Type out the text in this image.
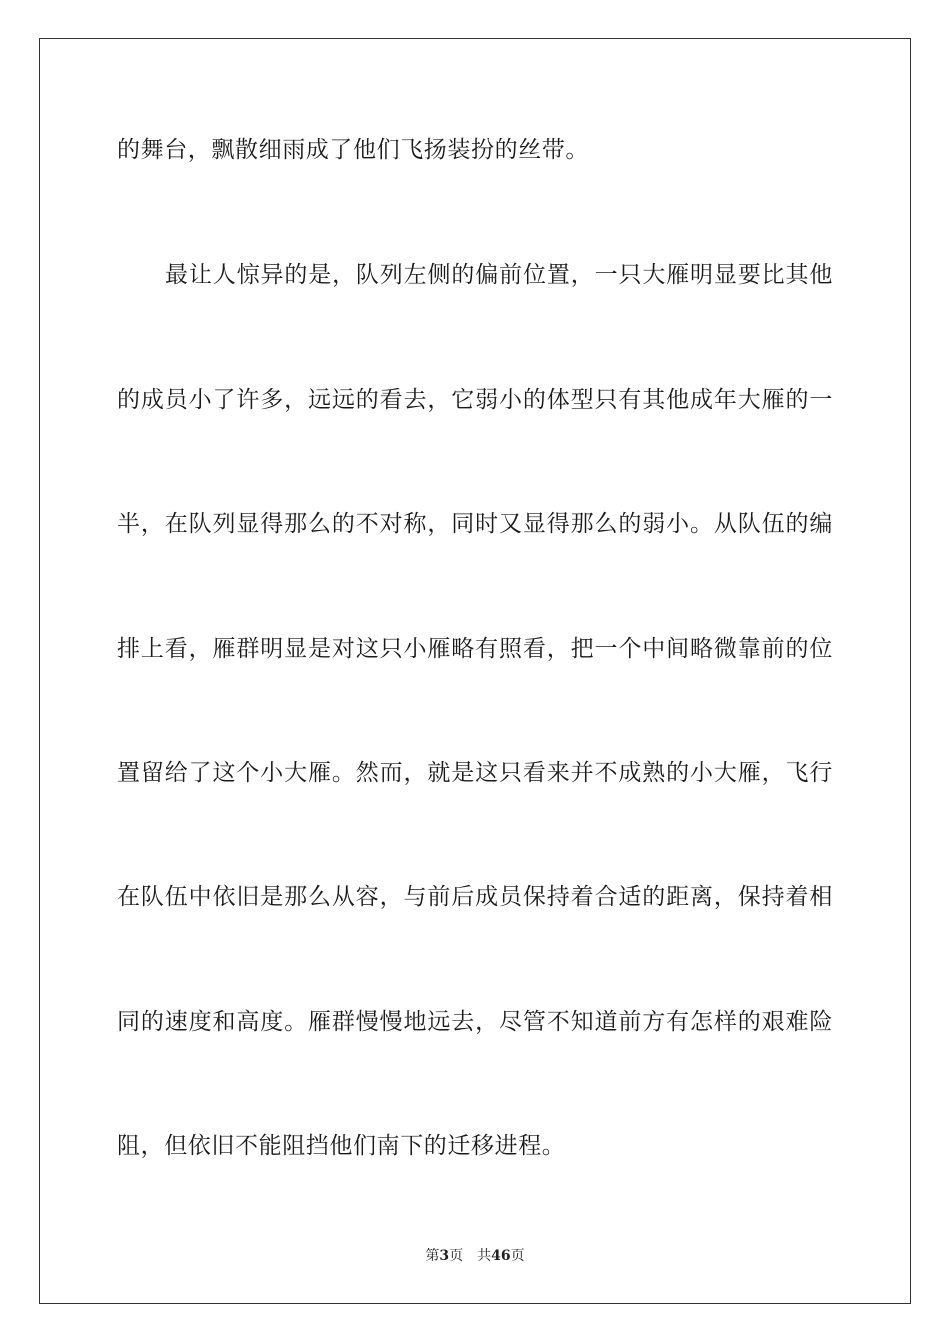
的舞台，飘散细雨成了他们飞扬装扮的丝带。
最让人惊异的是，队列左侧的偏前位置，一只大雁明显要比其他
的成员小了许多，远远的看去，它弱小的体型只有其他成年大雁的一
半，在队列显得那么的不对称，同时又显得那么的弱小。从队伍的编
排上看，雁群明显是对这只小雁略有照看，把一个中间略微靠前的位
置留给了这个小大雁。然而，就是这只看来并不成熟的小大雁，飞行
在队伍中依旧是那么从容，与前后成员保持着合适的距离，保持着相
同的速度和高度。雁群慢慢地远去，尽管不知道前方有怎样的艰难险
阻，但依旧不能阻挡他们南下的迁移进程。
第3页 共46页
